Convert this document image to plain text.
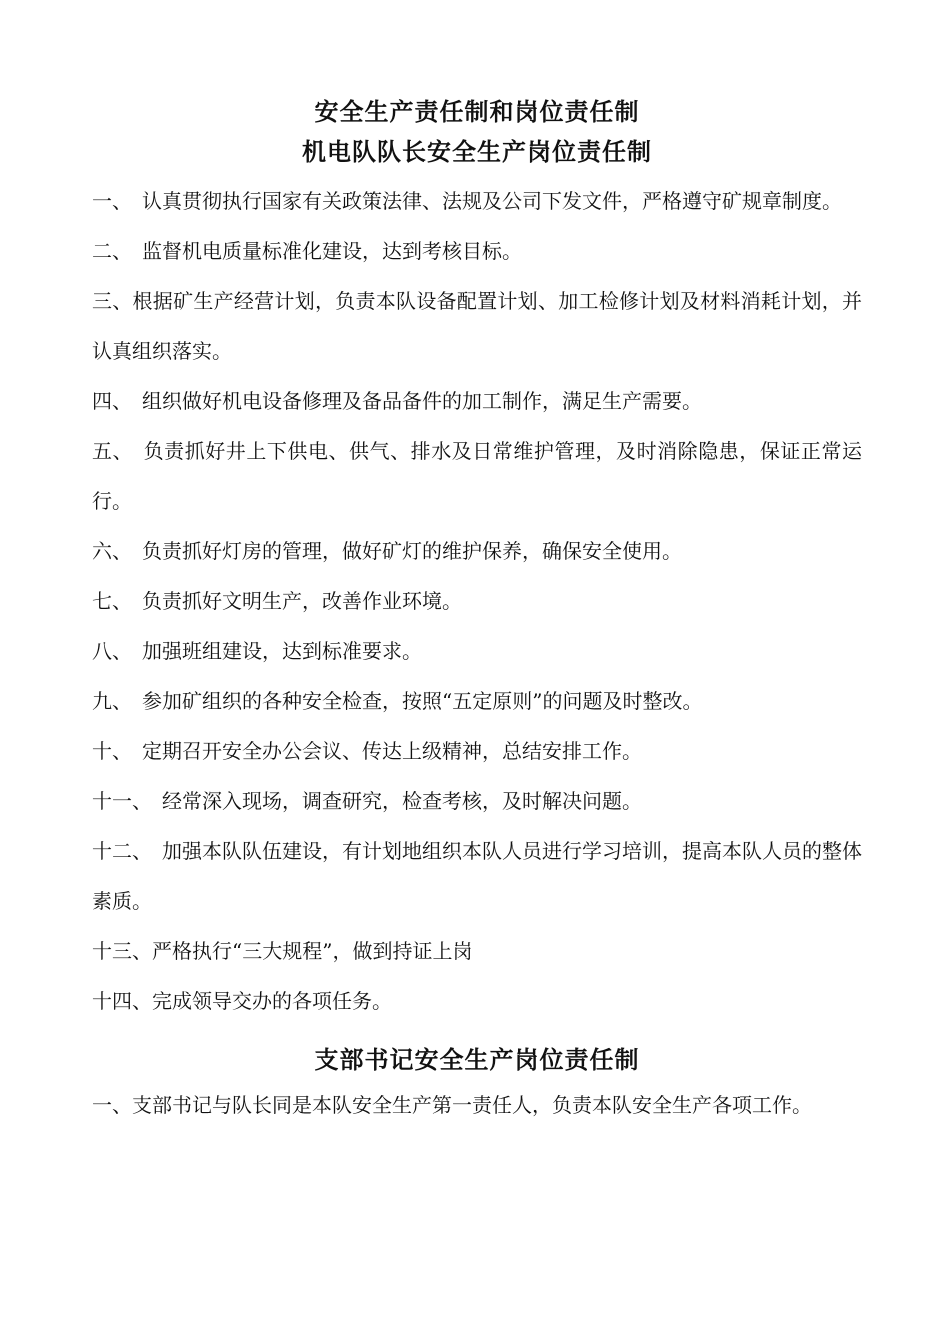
安全生产责任制和岗位责任制
机电队队长安全生产岗位责任制
一、　认真贯彻执行国家有关政策法律、法规及公司下发文件，严格遵守矿规章制度。
二、　监督机电质量标准化建设，达到考核目标。
三、根据矿生产经营计划，负责本队设备配置计划、加工检修计划及材料消耗计划，并认真组织落实。
四、　组织做好机电设备修理及备品备件的加工制作，满足生产需要。
五、　负责抓好井上下供电、供气、排水及日常维护管理，及时消除隐患，保证正常运行。
六、　负责抓好灯房的管理，做好矿灯的维护保养，确保安全使用。
七、　负责抓好文明生产，改善作业环境。
八、　加强班组建设，达到标准要求。
九、　参加矿组织的各种安全检查，按照“五定原则”的问题及时整改。
十、　定期召开安全办公会议、传达上级精神，总结安排工作。
十一、　经常深入现场，调查研究，检查考核，及时解决问题。
十二、　加强本队队伍建设，有计划地组织本队人员进行学习培训，提高本队人员的整体素质。
十三、严格执行“三大规程”，做到持证上岗
十四、完成领导交办的各项任务。
支部书记安全生产岗位责任制
一、支部书记与队长同是本队安全生产第一责任人，负责本队安全生产各项工作。
